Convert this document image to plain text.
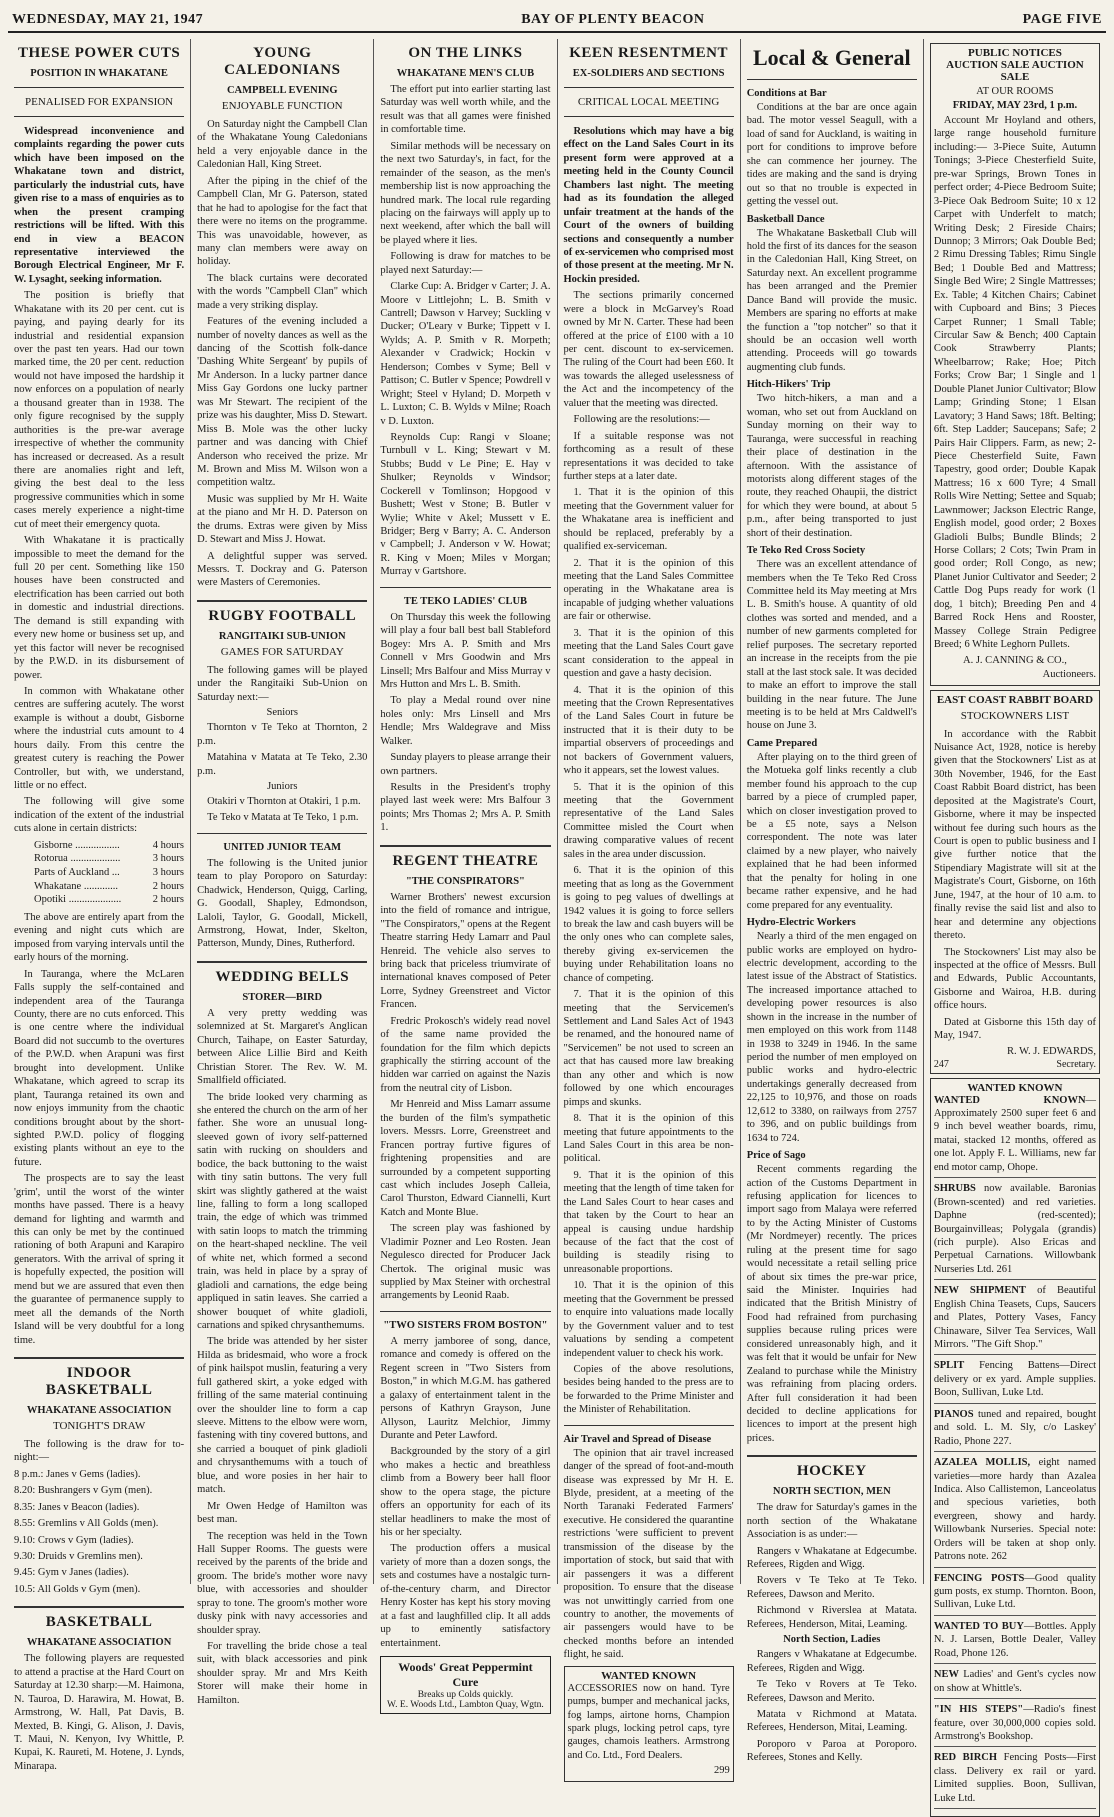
WEDNESDAY, MAY 21, 1947	BAY OF PLENTY BEACON	PAGE FIVE
THESE POWER CUTS
POSITION IN WHAKATANE
PENALISED FOR EXPANSION

Widespread inconvenience and complaints regarding the power cuts which have been imposed on the Whakatane town and district, particularly the industrial cuts, have given rise to a mass of enquiries as to when the present cramping restrictions will be lifted. With this end in view a BEACON representative interviewed the Borough Electrical Engineer, Mr F. W. Lysaght, seeking information.

The position is briefly that Whakatane with its 20 per cent. cut is paying, and paying dearly for its industrial and residential expansion over the past ten years. Had our town marked time, the 20 per cent. reduction would not have imposed the hardship it now enforces on a population of nearly a thousand greater than in 1938. The only figure recognised by the supply authorities is the pre-war average irrespective of whether the community has increased or decreased. As a result there are anomalies right and left, giving the best deal to the less progressive communities which in some cases merely experience a night-time cut of meet their emergency quota.

With Whakatane it is practically impossible to meet the demand for the full 20 per cent. Something like 150 houses have been constructed and electrification has been carried out both in domestic and industrial directions. The demand is still expanding with every new home or business set up, and yet this factor will never be recognised by the P.W.D. in its disbursement of power.

In common with Whakatane other centres are suffering acutely. The worst example is without a doubt, Gisborne where the industrial cuts amount to 4 hours daily. From this centre the greatest cutery is reaching the Power Controller, but with, we understand, little or no effect.

The following will give some indication of the extent of the industrial cuts alone in certain districts:

Gisborne .................	4 hours
Rotorua ...................	3 hours
Parts of Auckland ...	3 hours
Whakatane .............	2 hours
Opotiki ....................	2 hours

The above are entirely apart from the evening and night cuts which are imposed from varying intervals until the early hours of the morning.

In Tauranga, where the McLaren Falls supply the self-contained and independent area of the Tauranga County, there are no cuts enforced. This is one centre where the individual Board did not succumb to the overtures of the P.W.D. when Arapuni was first brought into development. Unlike Whakatane, which agreed to scrap its plant, Tauranga retained its own and now enjoys immunity from the chaotic conditions brought about by the short-sighted P.W.D. policy of flogging existing plants without an eye to the future.

The prospects are to say the least 'grim', until the worst of the winter months have passed. There is a heavy demand for lighting and warmth and this can only be met by the continued rationing of both Arapuni and Karapiro generators. With the arrival of spring it is hopefully expected, the position will mend but we are assured that even then the guarantee of permanence supply to meet all the demands of the North Island will be very doubtful for a long time.

INDOOR BASKETBALL
WHAKATANE ASSOCIATION
TONIGHT'S DRAW

The following is the draw for to-night:—

8 p.m.: Janes v Gems (ladies).

8.20: Bushrangers v Gym (men).

8.35: Janes v Beacon (ladies).

8.55: Gremlins v All Golds (men).

9.10: Crows v Gym (ladies).

9.30: Druids v Gremlins men).

9.45: Gym v Janes (ladies).

10.5: All Golds v Gym (men).

BASKETBALL
WHAKATANE ASSOCIATION

The following players are requested to attend a practise at the Hard Court on Saturday at 12.30 sharp:—M. Haimona, N. Tauroa, D. Harawira, M. Howat, B. Armstrong, W. Hall, Pat Davis, B. Mexted, B. Kingi, G. Alison, J. Davis, T. Maui, N. Kenyon, Ivy Whittle, P. Kupai, K. Raureti, M. Hotene, J. Lynds, Minarapa.

YOUNG CALEDONIANS
CAMPBELL EVENING
ENJOYABLE FUNCTION

On Saturday night the Campbell Clan of the Whakatane Young Caledonians held a very enjoyable dance in the Caledonian Hall, King Street.

After the piping in the chief of the Campbell Clan, Mr G. Paterson, stated that he had to apologise for the fact that there were no items on the programme. This was unavoidable, however, as many clan members were away on holiday.

The black curtains were decorated with the words "Campbell Clan" which made a very striking display.

Features of the evening included a number of novelty dances as well as the dancing of the Scottish folk-dance 'Dashing White Sergeant' by pupils of Mr Anderson. In a lucky partner dance Miss Gay Gordons one lucky partner was Mr Stewart. The recipient of the prize was his daughter, Miss D. Stewart. Miss B. Mole was the other lucky partner and was dancing with Chief Anderson who received the prize. Mr M. Brown and Miss M. Wilson won a competition waltz.

Music was supplied by Mr H. Waite at the piano and Mr H. D. Paterson on the drums. Extras were given by Miss D. Stewart and Miss J. Howat.

A delightful supper was served. Messrs. T. Dockray and G. Paterson were Masters of Ceremonies.

RUGBY FOOTBALL
RANGITAIKI SUB-UNION
GAMES FOR SATURDAY

The following games will be played under the Rangitaiki Sub-Union on Saturday next:—

Seniors

Thornton v Te Teko at Thornton, 2 p.m.

Matahina v Matata at Te Teko, 2.30 p.m.

Juniors

Otakiri v Thornton at Otakiri, 1 p.m.

Te Teko v Matata at Te Teko, 1 p.m.

UNITED JUNIOR TEAM

The following is the United junior team to play Poroporo on Saturday: Chadwick, Henderson, Quigg, Carling, G. Goodall, Shapley, Edmondson, Laloli, Taylor, G. Goodall, Mickell, Armstrong, Howat, Inder, Skelton, Patterson, Mundy, Dines, Rutherford.

WEDDING BELLS
STORER—BIRD

A very pretty wedding was solemnized at St. Margaret's Anglican Church, Taihape, on Easter Saturday, between Alice Lillie Bird and Keith Christian Storer. The Rev. W. M. Smallfield officiated.

The bride looked very charming as she entered the church on the arm of her father. She wore an unusual long-sleeved gown of ivory self-patterned satin with rucking on shoulders and bodice, the back buttoning to the waist with tiny satin buttons. The very full skirt was slightly gathered at the waist line, falling to form a long scalloped train, the edge of which was trimmed with satin loops to match the trimming on the heart-shaped neckline. The veil of white net, which formed a second train, was held in place by a spray of gladioli and carnations, the edge being appliqued in satin leaves. She carried a shower bouquet of white gladioli, carnations and spiked chrysanthemums.

The bride was attended by her sister Hilda as bridesmaid, who wore a frock of pink hailspot muslin, featuring a very full gathered skirt, a yoke edged with frilling of the same material continuing over the shoulder line to form a cap sleeve. Mittens to the elbow were worn, fastening with tiny covered buttons, and she carried a bouquet of pink gladioli and chrysanthemums with a touch of blue, and wore posies in her hair to match.

Mr Owen Hedge of Hamilton was best man.

The reception was held in the Town Hall Supper Rooms. The guests were received by the parents of the bride and groom. The bride's mother wore navy blue, with accessories and shoulder spray to tone. The groom's mother wore dusky pink with navy accessories and shoulder spray.

For travelling the bride chose a teal suit, with black accessories and pink shoulder spray. Mr and Mrs Keith Storer will make their home in Hamilton.

ON THE LINKS
WHAKATANE MEN'S CLUB

The effort put into earlier starting last Saturday was well worth while, and the result was that all games were finished in comfortable time.

Similar methods will be necessary on the next two Saturday's, in fact, for the remainder of the season, as the men's membership list is now approaching the hundred mark. The local rule regarding placing on the fairways will apply up to next weekend, after which the ball will be played where it lies.

Following is draw for matches to be played next Saturday:—

Clarke Cup: A. Bridger v Carter; J. A. Moore v Littlejohn; L. B. Smith v Cantrell; Dawson v Harvey; Suckling v Ducker; O'Leary v Burke; Tippett v I. Wylds; A. P. Smith v R. Morpeth; Alexander v Cradwick; Hockin v Henderson; Combes v Syme; Bell v Pattison; C. Butler v Spence; Powdrell v Wright; Steel v Hyland; D. Morpeth v L. Luxton; C. B. Wylds v Milne; Roach v D. Luxton.

Reynolds Cup: Rangi v Sloane; Turnbull v L. King; Stewart v M. Stubbs; Budd v Le Pine; E. Hay v Shulker; Reynolds v Windsor; Cockerell v Tomlinson; Hopgood v Bushett; West v Stone; B. Butler v Wylie; White v Akel; Mussett v E. Bridger; Berg v Barry; A. C. Anderson v Campbell; J. Anderson v W. Howat; R. King v Moen; Miles v Morgan; Murray v Gartshore.

TE TEKO LADIES' CLUB

On Thursday this week the following will play a four ball best ball Stableford Bogey: Mrs A. P. Smith and Mrs Connell v Mrs Goodwin and Mrs Linsell; Mrs Balfour and Miss Murray v Mrs Hutton and Mrs L. B. Smith.

To play a Medal round over nine holes only: Mrs Linsell and Mrs Hendle; Mrs Waldegrave and Miss Walker.

Sunday players to please arrange their own partners.

Results in the President's trophy played last week were: Mrs Balfour 3 points; Mrs Thomas 2; Mrs A. P. Smith 1.

REGENT THEATRE
"THE CONSPIRATORS"

Warner Brothers' newest excursion into the field of romance and intrigue, "The Conspirators," opens at the Regent Theatre starring Hedy Lamarr and Paul Henreid. The vehicle also serves to bring back that priceless triumvirate of international knaves composed of Peter Lorre, Sydney Greenstreet and Victor Francen.

Fredric Prokosch's widely read novel of the same name provided the foundation for the film which depicts graphically the stirring account of the hidden war carried on against the Nazis from the neutral city of Lisbon.

Mr Henreid and Miss Lamarr assume the burden of the film's sympathetic lovers. Messrs. Lorre, Greenstreet and Francen portray furtive figures of frightening propensities and are surrounded by a competent supporting cast which includes Joseph Calleia, Carol Thurston, Edward Ciannelli, Kurt Katch and Monte Blue.

The screen play was fashioned by Vladimir Pozner and Leo Rosten. Jean Negulesco directed for Producer Jack Chertok. The original music was supplied by Max Steiner with orchestral arrangements by Leonid Raab.

"TWO SISTERS FROM BOSTON"

A merry jamboree of song, dance, romance and comedy is offered on the Regent screen in "Two Sisters from Boston," in which M.G.M. has gathered a galaxy of entertainment talent in the persons of Kathryn Grayson, June Allyson, Lauritz Melchior, Jimmy Durante and Peter Lawford.

Backgrounded by the story of a girl who makes a hectic and breathless climb from a Bowery beer hall floor show to the opera stage, the picture offers an opportunity for each of its stellar headliners to make the most of his or her specialty.

The production offers a musical variety of more than a dozen songs, the sets and costumes have a nostalgic turn-of-the-century charm, and Director Henry Koster has kept his story moving at a fast and laughfilled clip. It all adds up to eminently satisfactory entertainment.

Woods' Great Peppermint Cure
Breaks up Colds quickly.
W. E. Woods Ltd., Lambton Quay, Wgtn.
KEEN RESENTMENT
EX-SOLDIERS AND SECTIONS
CRITICAL LOCAL MEETING

Resolutions which may have a big effect on the Land Sales Court in its present form were approved at a meeting held in the County Council Chambers last night. The meeting had as its foundation the alleged unfair treatment at the hands of the Court of the owners of building sections and consequently a number of ex-servicemen who comprised most of those present at the meeting. Mr N. Hockin presided.

The sections primarily concerned were a block in McGarvey's Road owned by Mr N. Carter. These had been offered at the price of £100 with a 10 per cent. discount to ex-servicemen. The ruling of the Court had been £60. It was towards the alleged uselessness of the Act and the incompetency of the valuer that the meeting was directed.

Following are the resolutions:—

If a suitable response was not forthcoming as a result of these representations it was decided to take further steps at a later date.

1. That it is the opinion of this meeting that the Government valuer for the Whakatane area is inefficient and should be replaced, preferably by a qualified ex-serviceman.

2. That it is the opinion of this meeting that the Land Sales Committee operating in the Whakatane area is incapable of judging whether valuations are fair or otherwise.

3. That it is the opinion of this meeting that the Land Sales Court gave scant consideration to the appeal in question and gave a hasty decision.

4. That it is the opinion of this meeting that the Crown Representatives of the Land Sales Court in future be instructed that it is their duty to be impartial observers of proceedings and not backers of Government valuers, who it appears, set the lowest values.

5. That it is the opinion of this meeting that the Government representative of the Land Sales Committee misled the Court when drawing comparative values of recent sales in the area under discussion.

6. That it is the opinion of this meeting that as long as the Government is going to peg values of dwellings at 1942 values it is going to force sellers to break the law and cash buyers will be the only ones who can complete sales, thereby giving ex-servicemen the buying under Rehabilitation loans no chance of competing.

7. That it is the opinion of this meeting that the Servicemen's Settlement and Land Sales Act of 1943 be renamed, and the honoured name of "Servicemen" be not used to screen an act that has caused more law breaking than any other and which is now followed by one which encourages pimps and skunks.

8. That it is the opinion of this meeting that future appointments to the Land Sales Court in this area be non-political.

9. That it is the opinion of this meeting that the length of time taken for the Land Sales Court to hear cases and that taken by the Court to hear an appeal is causing undue hardship because of the fact that the cost of building is steadily rising to unreasonable proportions.

10. That it is the opinion of this meeting that the Government be pressed to enquire into valuations made locally by the Government valuer and to test valuations by sending a competent independent valuer to check his work.

Copies of the above resolutions, besides being handed to the press are to be forwarded to the Prime Minister and the Minister of Rehabilitation.

Air Travel and Spread of Disease

The opinion that air travel increased danger of the spread of foot-and-mouth disease was expressed by Mr H. E. Blyde, president, at a meeting of the North Taranaki Federated Farmers' executive. He considered the quarantine restrictions 'were sufficient to prevent transmission of the disease by the importation of stock, but said that with air passengers it was a different proposition. To ensure that the disease was not unwittingly carried from one country to another, the movements of air passengers would have to be checked months before an intended flight, he said.

WANTED KNOWN

ACCESSORIES now on hand. Tyre pumps, bumper and mechanical jacks, fog lamps, airtone horns, Champion spark plugs, locking petrol caps, tyre gauges, chamois leathers. Armstrong and Co. Ltd., Ford Dealers.

299
Local & General
Conditions at Bar

Conditions at the bar are once again bad. The motor vessel Seagull, with a load of sand for Auckland, is waiting in port for conditions to improve before she can commence her journey. The tides are making and the sand is drying out so that no trouble is expected in getting the vessel out.

Basketball Dance

The Whakatane Basketball Club will hold the first of its dances for the season in the Caledonian Hall, King Street, on Saturday next. An excellent programme has been arranged and the Premier Dance Band will provide the music. Members are sparing no efforts at make the function a "top notcher" so that it should be an occasion well worth attending. Proceeds will go towards augmenting club funds.

Hitch-Hikers' Trip

Two hitch-hikers, a man and a woman, who set out from Auckland on Sunday morning on their way to Tauranga, were successful in reaching their place of destination in the afternoon. With the assistance of motorists along different stages of the route, they reached Ohaupii, the district for which they were bound, at about 5 p.m., after being transported to just short of their destination.

Te Teko Red Cross Society

There was an excellent attendance of members when the Te Teko Red Cross Committee held its May meeting at Mrs L. B. Smith's house. A quantity of old clothes was sorted and mended, and a number of new garments completed for relief purposes. The secretary reported an increase in the receipts from the pie stall at the last stock sale. It was decided to make an effort to improve the stall building in the near future. The June meeting is to be held at Mrs Caldwell's house on June 3.

Came Prepared

After playing on to the third green of the Motueka golf links recently a club member found his approach to the cup barred by a piece of crumpled paper, which on closer investigation proved to be a £5 note, says a Nelson correspondent. The note was later claimed by a new player, who naively explained that he had been informed that the penalty for holing in one became rather expensive, and he had come prepared for any eventuality.

Hydro-Electric Workers

Nearly a third of the men engaged on public works are employed on hydro-electric development, according to the latest issue of the Abstract of Statistics. The increased importance attached to developing power resources is also shown in the increase in the number of men employed on this work from 1148 in 1938 to 3249 in 1946. In the same period the number of men employed on public works and hydro-electric undertakings generally decreased from 22,125 to 10,976, and those on roads 12,612 to 3380, on railways from 2757 to 396, and on public buildings from 1634 to 724.

Price of Sago

Recent comments regarding the action of the Customs Department in refusing application for licences to import sago from Malaya were referred to by the Acting Minister of Customs (Mr Nordmeyer) recently. The prices ruling at the present time for sago would necessitate a retail selling price of about six times the pre-war price, said the Minister. Inquiries had indicated that the British Ministry of Food had refrained from purchasing supplies because ruling prices were considered unreasonably high, and it was felt that it would be unfair for New Zealand to purchase while the Ministry was refraining from placing orders. After full consideration it had been decided to decline applications for licences to import at the present high prices.

HOCKEY
NORTH SECTION, MEN

The draw for Saturday's games in the north section of the Whakatane Association is as under:—

Rangers v Whakatane at Edgecumbe. Referees, Rigden and Wigg.

Rovers v Te Teko at Te Teko. Referees, Dawson and Merito.

Richmond v Riverslea at Matata. Referees, Henderson, Mitai, Leaming.

North Section, Ladies

Rangers v Whakatane at Edgecumbe. Referees, Rigden and Wigg.

Te Teko v Rovers at Te Teko. Referees, Dawson and Merito.

Matata v Richmond at Matata. Referees, Henderson, Mitai, Leaming.

Poroporo v Paroa at Poroporo. Referees, Stones and Kelly.

PUBLIC NOTICES
AUCTION SALE AUCTION SALE
AT OUR ROOMS
FRIDAY, MAY 23rd, 1 p.m.

Account Mr Hoyland and others, large range household furniture including:— 3-Piece Suite, Autumn Tonings; 3-Piece Chesterfield Suite, pre-war Springs, Brown Tones in perfect order; 4-Piece Bedroom Suite; 3-Piece Oak Bedroom Suite; 10 x 12 Carpet with Underfelt to match; Writing Desk; 2 Fireside Chairs; Dunnop; 3 Mirrors; Oak Double Bed; 2 Rimu Dressing Tables; Rimu Single Bed; 1 Double Bed and Mattress; Single Bed Wire; 2 Single Mattresses; Ex. Table; 4 Kitchen Chairs; Cabinet with Cupboard and Bins; 3 Pieces Carpet Runner; 1 Small Table; Circular Saw & Bench; 400 Captain Cook Strawberry Plants; Wheelbarrow; Rake; Hoe; Pitch Forks; Crow Bar; 1 Single and 1 Double Planet Junior Cultivator; Blow Lamp; Grinding Stone; 1 Elsan Lavatory; 3 Hand Saws; 18ft. Belting; 6ft. Step Ladder; Saucepans; Safe; 2 Pairs Hair Clippers. Farm, as new; 2-Piece Chesterfield Suite, Fawn Tapestry, good order; Double Kapak Mattress; 16 x 600 Tyre; 4 Small Rolls Wire Netting; Settee and Squab; Lawnmower; Jackson Electric Range, English model, good order; 2 Boxes Gladioli Bulbs; Bundle Blinds; 2 Horse Collars; 2 Cots; Twin Pram in good order; Roll Congo, as new; Planet Junior Cultivator and Seeder; 2 Cattle Dog Pups ready for work (1 dog, 1 bitch); Breeding Pen and 4 Barred Rock Hens and Rooster, Massey College Strain Pedigree Breed; 6 White Leghorn Pullets.

A. J. CANNING & CO.,
Auctioneers.
EAST COAST RABBIT BOARD
STOCKOWNERS LIST

In accordance with the Rabbit Nuisance Act, 1928, notice is hereby given that the Stockowners' List as at 30th November, 1946, for the East Coast Rabbit Board district, has been deposited at the Magistrate's Court, Gisborne, where it may be inspected without fee during such hours as the Court is open to public business and I give further notice that the Stipendiary Magistrate will sit at the Magistrate's Court, Gisborne, on 16th June, 1947, at the hour of 10 a.m. to finally revise the said list and also to hear and determine any objections thereto.

The Stockowners' List may also be inspected at the office of Messrs. Bull and Edwards, Public Accountants, Gisborne and Wairoa, H.B. during office hours.

Dated at Gisborne this 15th day of May, 1947.

R. W. J. EDWARDS,
247	Secretary.
WANTED KNOWN
WANTED KNOWN—Approximately 2500 super feet 6 and 9 inch bevel weather boards, rimu, matai, stacked 12 months, offered as one lot. Apply F. L. Williams, new far end motor camp, Ohope.
SHRUBS now available. Baronias (Brown-scented) and red varieties. Daphne (red-scented); Bourgainvilleas; Polygala (grandis) (rich purple). Also Ericas and Perpetual Carnations. Willowbank Nurseries Ltd. 261
NEW SHIPMENT of Beautiful English China Teasets, Cups, Saucers and Plates, Pottery Vases, Fancy Chinaware, Silver Tea Services, Wall Mirrors. "The Gift Shop."
SPLIT Fencing Battens—Direct delivery or ex yard. Ample supplies. Boon, Sullivan, Luke Ltd.
PIANOS tuned and repaired, bought and sold. L. M. Sly, c/o Laskey' Radio, Phone 227.
AZALEA MOLLIS, eight named varieties—more hardy than Azalea Indica. Also Callistemon, Lanceolatus and specious varieties, both evergreen, showy and hardy. Willowbank Nurseries. Special note: Orders will be taken at shop only. Patrons note. 262
FENCING POSTS—Good quality gum posts, ex stump. Thornton. Boon, Sullivan, Luke Ltd.
WANTED TO BUY—Bottles. Apply N. J. Larsen, Bottle Dealer, Valley Road, Phone 126.
NEW Ladies' and Gent's cycles now on show at Whittle's.
"IN HIS STEPS"—Radio's finest feature, over 30,000,000 copies sold. Armstrong's Bookshop.
RED BIRCH Fencing Posts—First class. Delivery ex rail or yard. Limited supplies. Boon, Sullivan, Luke Ltd.
